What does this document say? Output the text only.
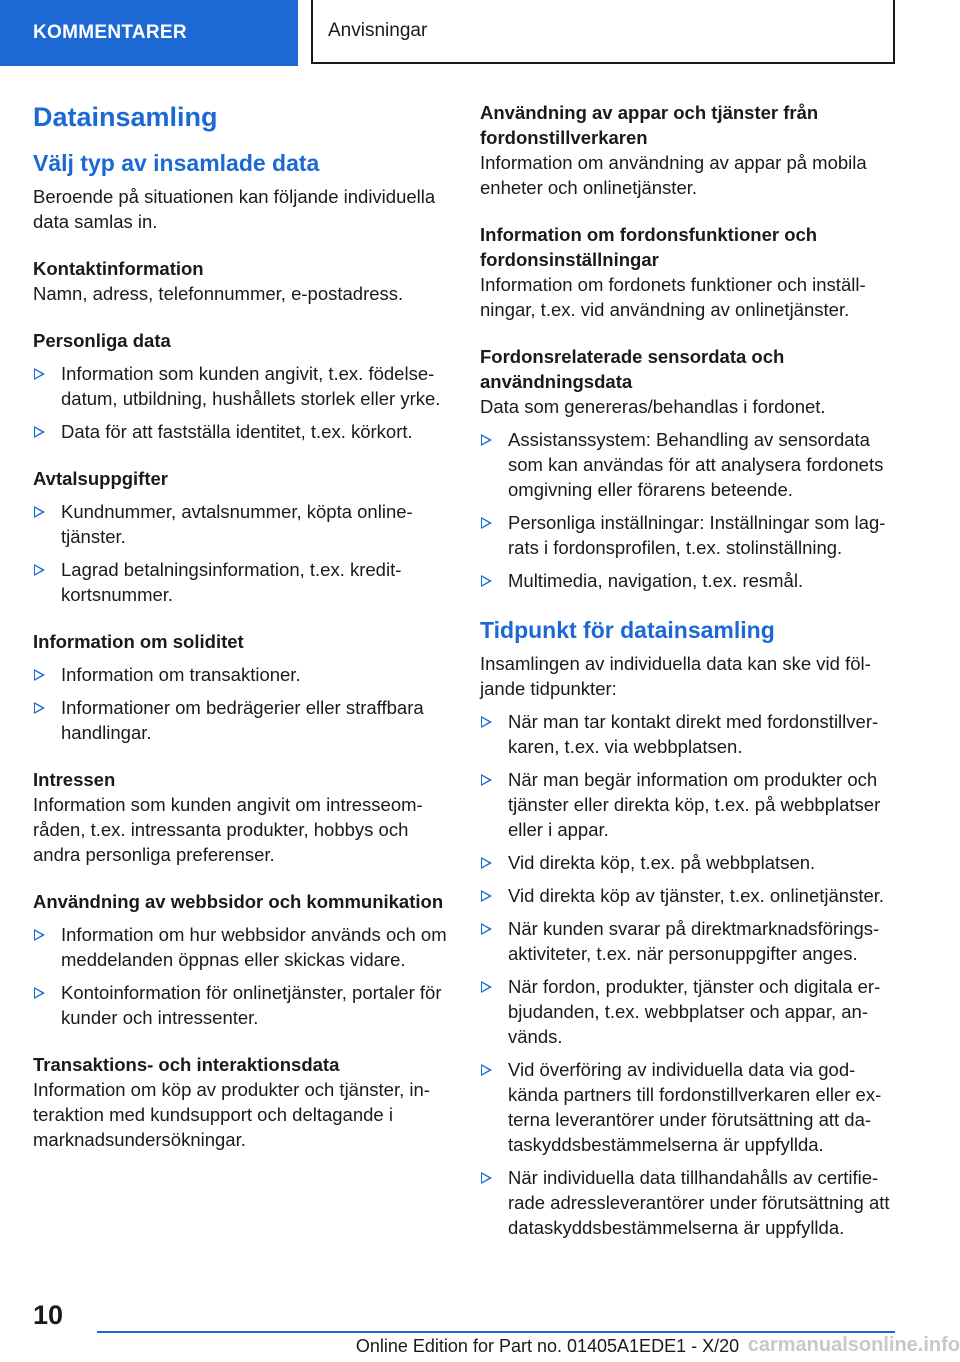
KOMMENTARER	Anvisningar
Datainsamling
Välj typ av insamlade data

Beroende på situationen kan följande individuella data samlas in.

Kontaktinformation

Namn, adress, telefonnummer, e-postadress.

Personliga data

Information som kunden angivit, t.ex. födelsedatum, utbildning, hushållets storlek eller yrke.
Data för att fastställa identitet, t.ex. körkort.

Avtalsuppgifter

Kundnummer, avtalsnummer, köpta onlinetjänster.
Lagrad betalningsinformation, t.ex. kreditkortsnummer.

Information om soliditet

Information om transaktioner.
Informationer om bedrägerier eller straffbara handlingar.

Intressen

Information som kunden angivit om intresseområden, t.ex. intressanta produkter, hobbys och andra personliga preferenser.

Användning av webbsidor och kommunikation

Information om hur webbsidor används och om meddelanden öppnas eller skickas vidare.
Kontoinformation för onlinetjänster, portaler för kunder och intressenter.

Transaktions- och interaktionsdata

Information om köp av produkter och tjänster, interaktion med kundsupport och deltagande i marknadsundersökningar.

Användning av appar och tjänster från fordonstillverkaren

Information om användning av appar på mobila enheter och onlinetjänster.

Information om fordonsfunktioner och fordonsinställningar

Information om fordonets funktioner och inställningar, t.ex. vid användning av onlinetjänster.

Fordonsrelaterade sensordata och användningsdata

Data som genereras/behandlas i fordonet.

Assistanssystem: Behandling av sensordata som kan användas för att analysera fordonets omgivning eller förarens beteende.
Personliga inställningar: Inställningar som lagrats i fordonsprofilen, t.ex. stolinställning.
Multimedia, navigation, t.ex. resmål.
Tidpunkt för datainsamling

Insamlingen av individuella data kan ske vid följande tidpunkter:

När man tar kontakt direkt med fordonstillverkaren, t.ex. via webbplatsen.
När man begär information om produkter och tjänster eller direkta köp, t.ex. på webbplatser eller i appar.
Vid direkta köp, t.ex. på webbplatsen.
Vid direkta köp av tjänster, t.ex. onlinetjänster.
När kunden svarar på direktmarknadsföringsaktiviteter, t.ex. när personuppgifter anges.
När fordon, produkter, tjänster och digitala erbjudanden, t.ex. webbplatser och appar, används.
Vid överföring av individuella data via godkända partners till fordonstillverkaren eller externa leverantörer under förutsättning att dataskyddsbestämmelserna är uppfyllda.
När individuella data tillhandahålls av certifierade adressleverantörer under förutsättning att dataskyddsbestämmelserna är uppfyllda.
10
Online Edition for Part no. 01405A1EDE1 - X/20 carmanualsonline.info
